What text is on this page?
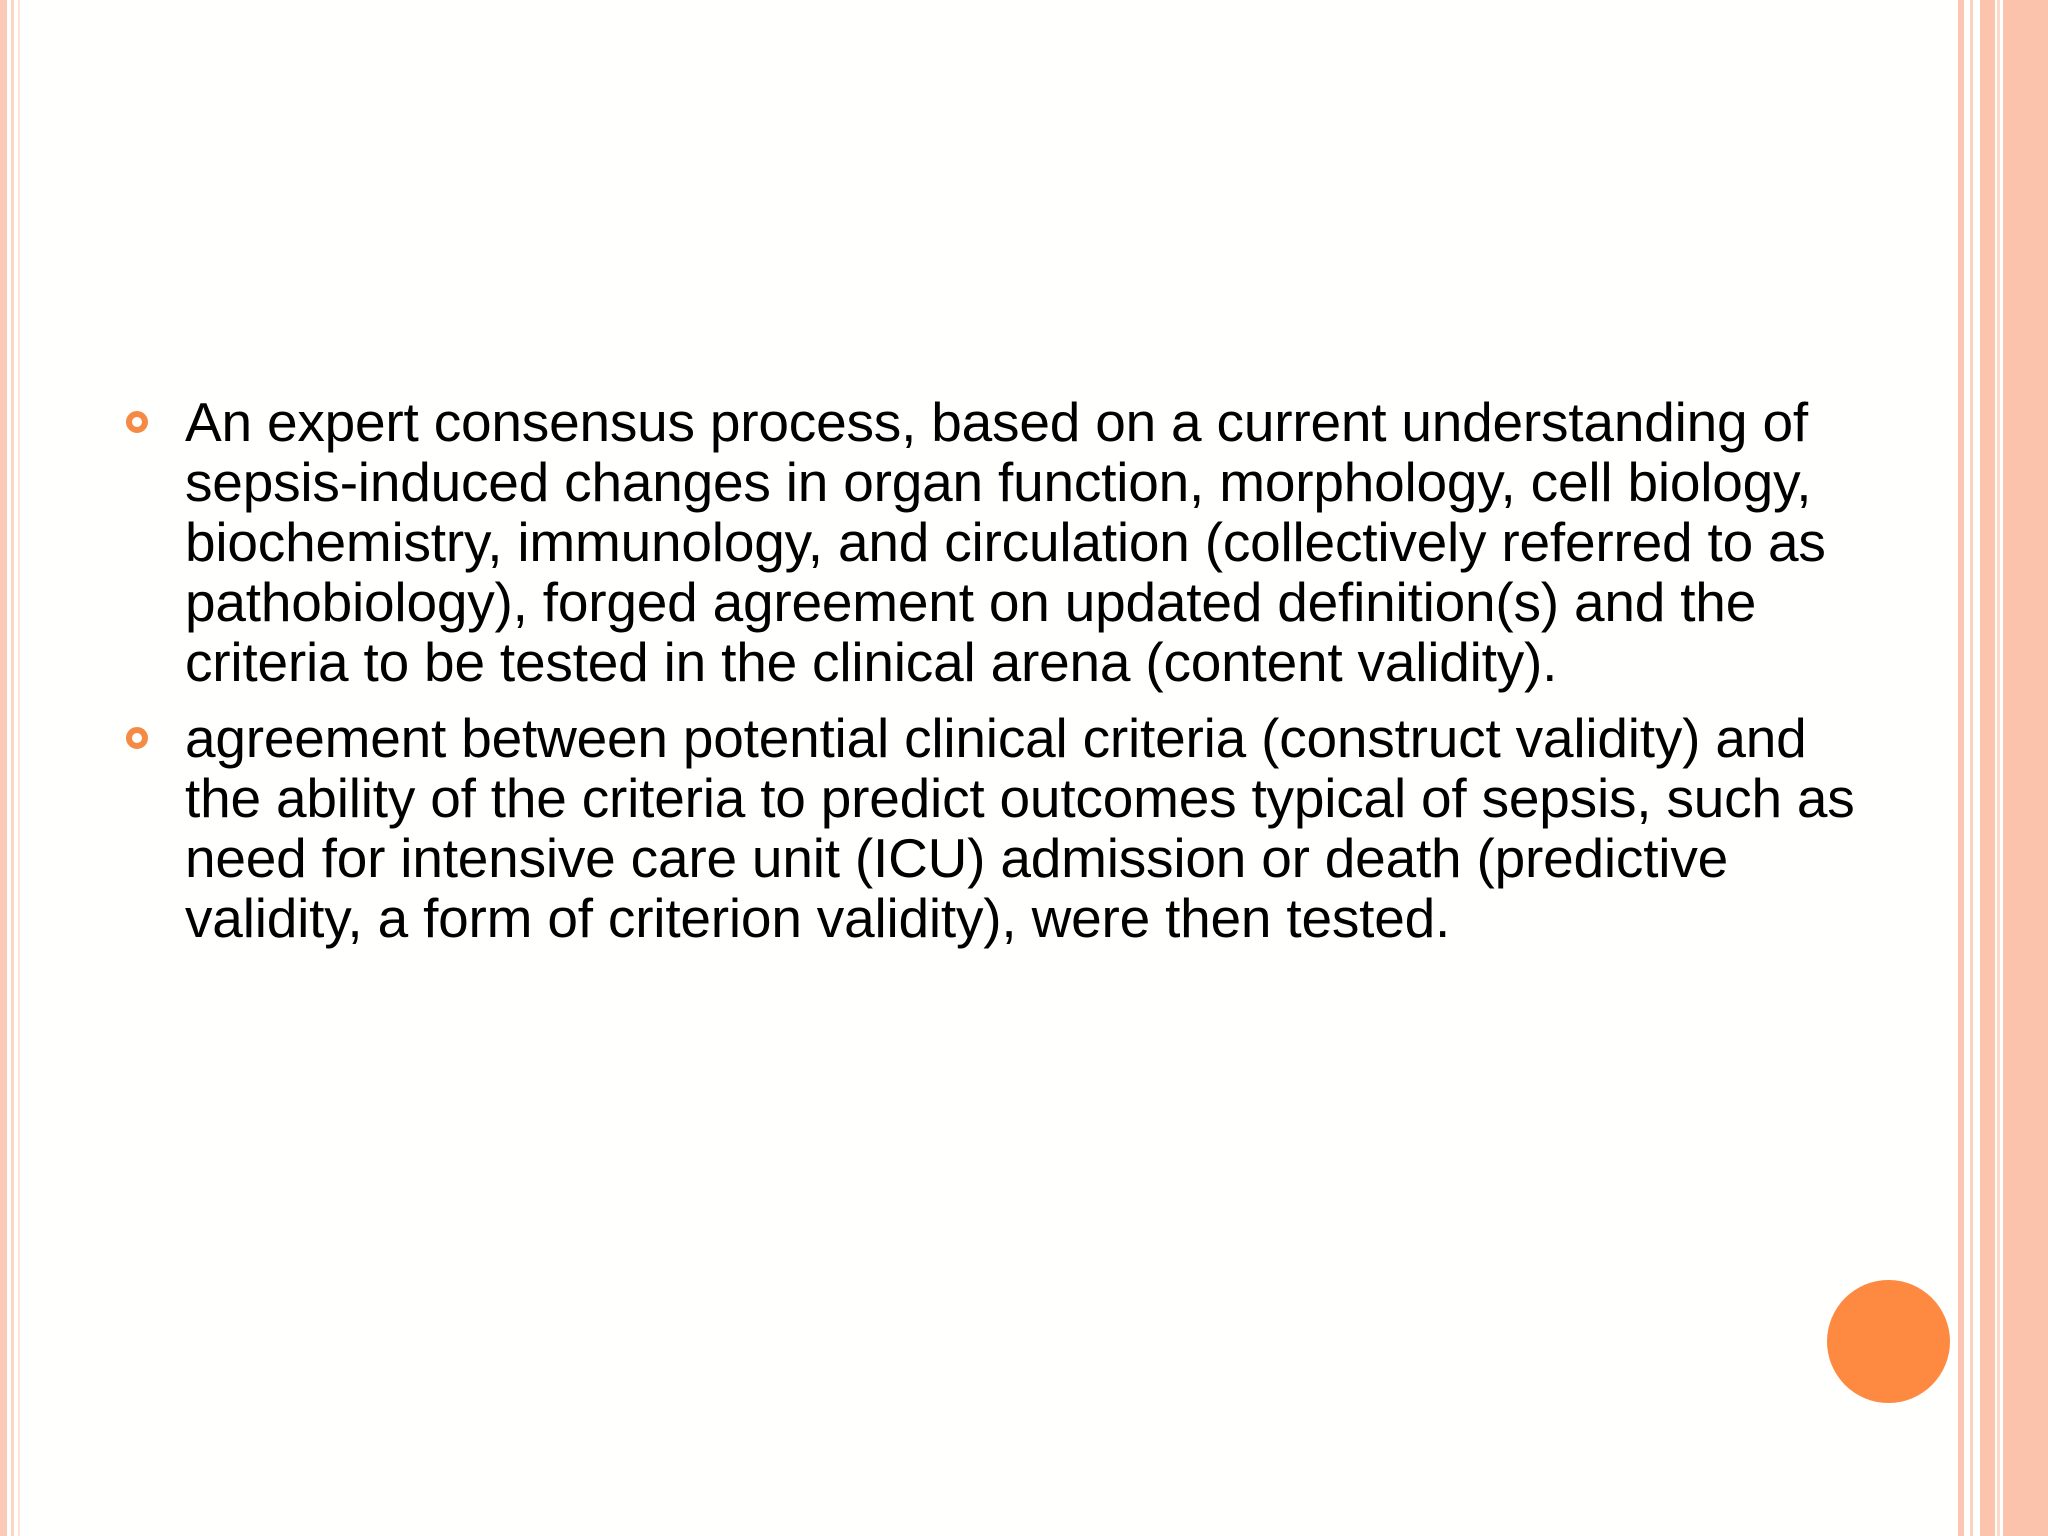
An expert consensus process, based on a current understanding of sepsis-induced changes in organ function, morphology, cell biology, biochemistry, immunology, and circulation (collectively referred to as pathobiology), forged agreement on updated definition(s) and the criteria to be tested in the clinical arena (content validity).
agreement between potential clinical criteria (construct validity) and the ability of the criteria to predict outcomes typical of sepsis, such as need for intensive care unit (ICU) admission or death (predictive validity, a form of criterion validity), were then tested.
